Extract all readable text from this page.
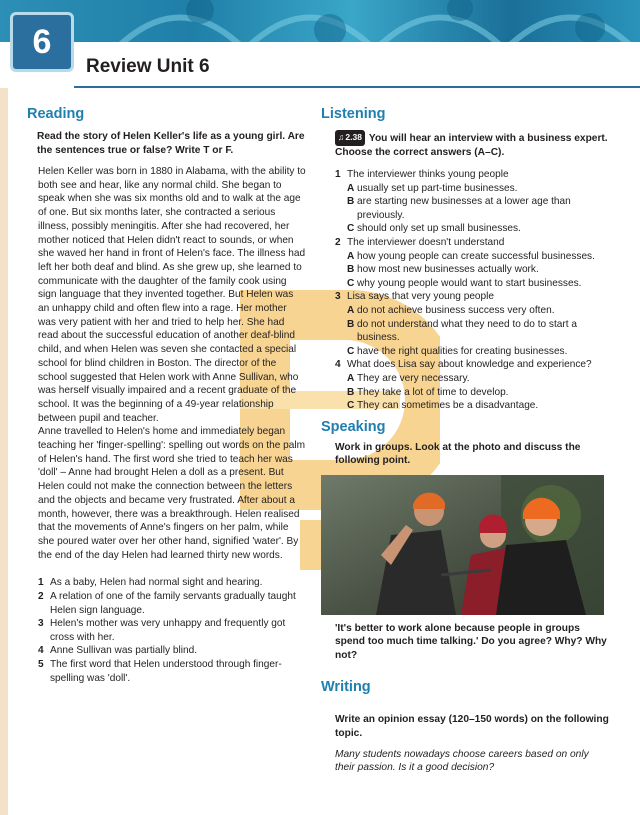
6
Review Unit 6
Reading
Read the story of Helen Keller's life as a young girl. Are the sentences true or false? Write T or F.

Helen Keller was born in 1880 in Alabama, with the ability to both see and hear, like any normal child. She began to speak when she was six months old and to walk at the age of one. But six months later, she contracted a serious illness, possibly meningitis. After she had recovered, her mother noticed that Helen didn't react to sounds, or when she waved her hand in front of Helen's face. The illness had left her both deaf and blind. As she grew up, she learned to communicate with the daughter of the family cook using sign language that they invented together. But Helen was an unhappy child and often flew into a rage. Her mother was very patient with her and tried to help her. She had read about the successful education of another deaf-blind child, and when Helen was seven she contacted a special school for blind children in Boston. The director of the school suggested that Helen work with Anne Sullivan, who was herself visually impaired and a recent graduate of the school. It was the beginning of a 49-year relationship between pupil and teacher.

Anne travelled to Helen's home and immediately began teaching her 'finger-spelling': spelling out words on the palm of Helen's hand. The first word she tried to teach her was 'doll' – Anne had brought Helen a doll as a present. But Helen could not make the connection between the letters and the objects and became very frustrated. After about a month, however, there was a breakthrough. Helen realised that the movements of Anne's fingers on her palm, while she poured water over her other hand, signified 'water'. By the end of the day Helen had learned thirty new words.

1 As a baby, Helen had normal sight and hearing.
2 A relation of one of the family servants gradually taught Helen sign language.
3 Helen's mother was very unhappy and frequently got cross with her.
4 Anne Sullivan was partially blind.
5 The first word that Helen understood through finger-spelling was 'doll'.
Listening
♫2.38 You will hear an interview with a business expert. Choose the correct answers (A–C).
1 The interviewer thinks young people
A usually set up part-time businesses.
B are starting new businesses at a lower age than previously.
C should only set up small businesses.
2 The interviewer doesn't understand
A how young people can create successful businesses.
B how most new businesses actually work.
C why young people would want to start businesses.
3 Lisa says that very young people
A do not achieve business success very often.
B do not understand what they need to do to start a business.
C have the right qualities for creating businesses.
4 What does Lisa say about knowledge and experience?
A They are very necessary.
B They take a lot of time to develop.
C They can sometimes be a disadvantage.
Speaking
Work in groups. Look at the photo and discuss the following point.
'It's better to work alone because people in groups spend too much time talking.' Do you agree? Why? Why not?
Writing
Write an opinion essay (120–150 words) on the following topic.
Many students nowadays choose careers based on only their passion. Is it a good decision?
